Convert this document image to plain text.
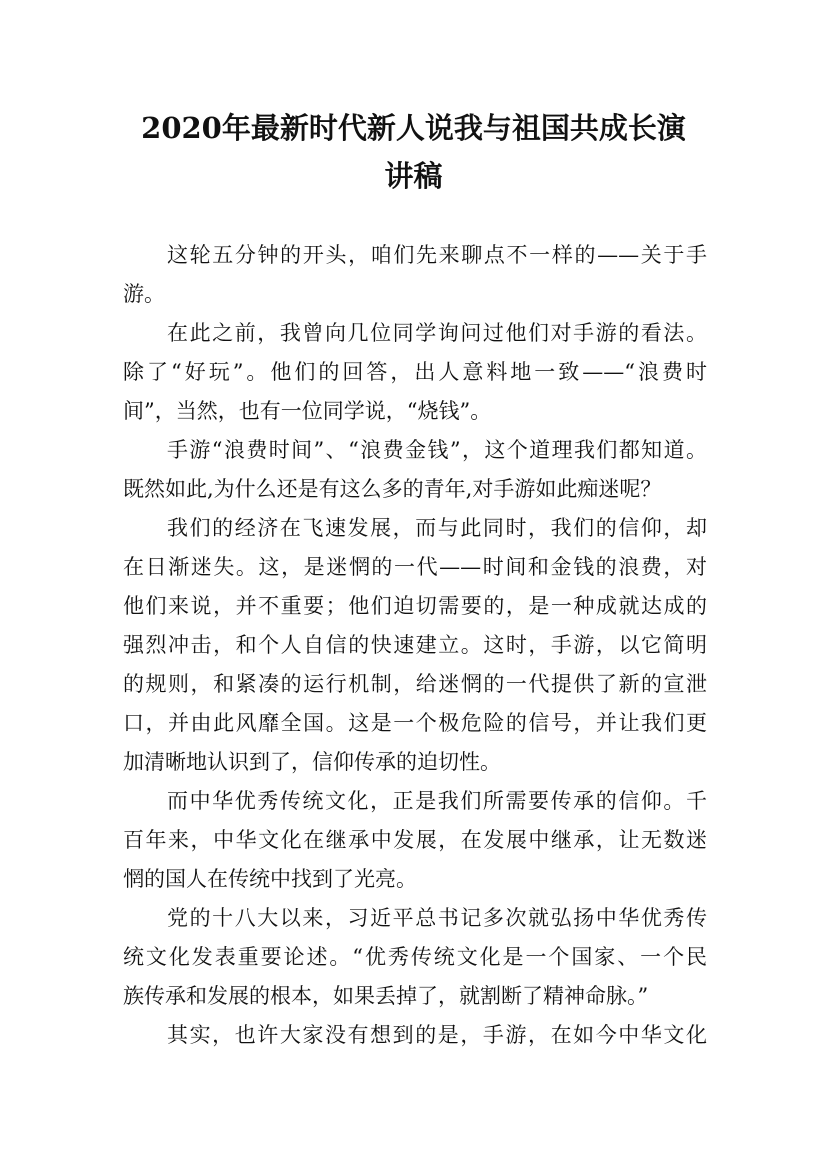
2020年最新时代新人说我与祖国共成长演
讲稿
这轮五分钟的开头，咱们先来聊点不一样的——关于手
游。
在此之前，我曾向几位同学询问过他们对手游的看法。
除了“好玩”。他们的回答，出人意料地一致——“浪费时
间”，当然，也有一位同学说，“烧钱”。
手游“浪费时间”、“浪费金钱”，这个道理我们都知道。
既然如此,为什么还是有这么多的青年,对手游如此痴迷呢？
我们的经济在飞速发展，而与此同时，我们的信仰，却
在日渐迷失。这，是迷惘的一代——时间和金钱的浪费，对
他们来说，并不重要；他们迫切需要的，是一种成就达成的
强烈冲击，和个人自信的快速建立。这时，手游，以它简明
的规则，和紧凑的运行机制，给迷惘的一代提供了新的宣泄
口，并由此风靡全国。这是一个极危险的信号，并让我们更
加清晰地认识到了，信仰传承的迫切性。
而中华优秀传统文化，正是我们所需要传承的信仰。千
百年来，中华文化在继承中发展，在发展中继承，让无数迷
惘的国人在传统中找到了光亮。
党的十八大以来，习近平总书记多次就弘扬中华优秀传
统文化发表重要论述。“优秀传统文化是一个国家、一个民
族传承和发展的根本，如果丢掉了，就割断了精神命脉。”
其实，也许大家没有想到的是，手游，在如今中华文化
